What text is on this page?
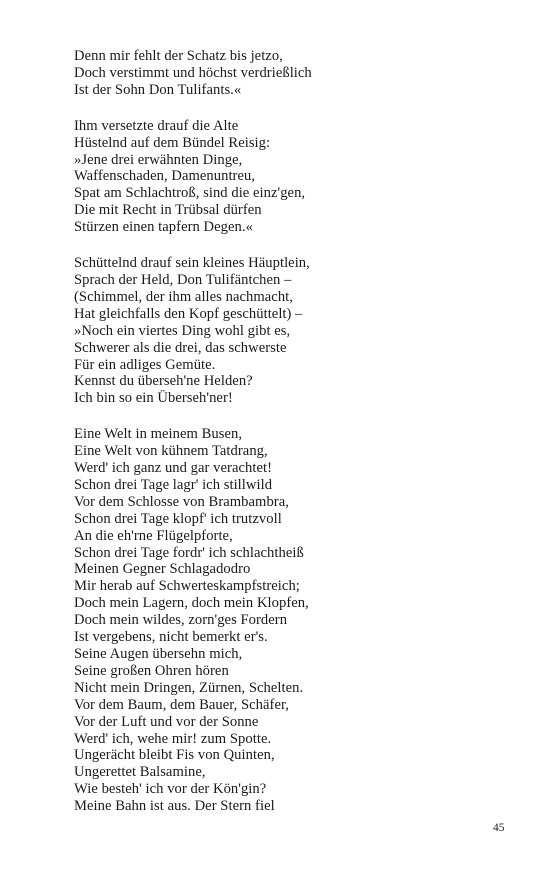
Denn mir fehlt der Schatz bis jetzo,
Doch verstimmt und höchst verdrießlich
Ist der Sohn Don Tulifants.«
Ihm versetzte drauf die Alte
Hüstelnd auf dem Bündel Reisig:
»Jene drei erwähnten Dinge,
Waffenschaden, Damenuntreu,
Spat am Schlachtroß, sind die einz'gen,
Die mit Recht in Trübsal dürfen
Stürzen einen tapfern Degen.«
Schüttelnd drauf sein kleines Häuptlein,
Sprach der Held, Don Tulifäntchen –
(Schimmel, der ihm alles nachmacht,
Hat gleichfalls den Kopf geschüttelt) –
»Noch ein viertes Ding wohl gibt es,
Schwerer als die drei, das schwerste
Für ein adliges Gemüte.
Kennst du überseh'ne Helden?
Ich bin so ein Überseh'ner!
Eine Welt in meinem Busen,
Eine Welt von kühnem Tatdrang,
Werd' ich ganz und gar verachtet!
Schon drei Tage lagr' ich stillwild
Vor dem Schlosse von Brambambra,
Schon drei Tage klopf' ich trutzvoll
An die eh'rne Flügelpforte,
Schon drei Tage fordr' ich schlachtheiß
Meinen Gegner Schlagadodro
Mir herab auf Schwerteskampfstreich;
Doch mein Lagern, doch mein Klopfen,
Doch mein wildes, zorn'ges Fordern
Ist vergebens, nicht bemerkt er's.
Seine Augen übersehn mich,
Seine großen Ohren hören
Nicht mein Dringen, Zürnen, Schelten.
Vor dem Baum, dem Bauer, Schäfer,
Vor der Luft und vor der Sonne
Werd' ich, wehe mir! zum Spotte.
Ungerächt bleibt Fis von Quinten,
Ungerettet Balsamine,
Wie besteh' ich vor der Kön'gin?
Meine Bahn ist aus. Der Stern fiel
45
